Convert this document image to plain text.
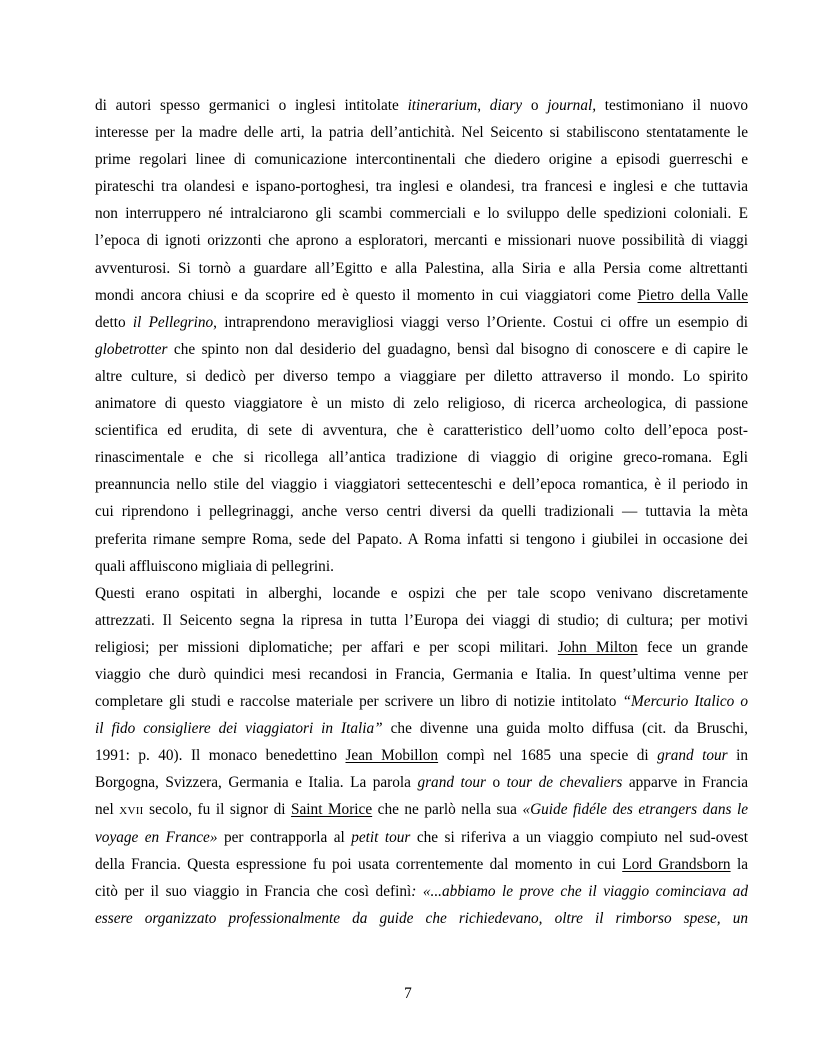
di autori spesso germanici o inglesi intitolate itinerarium, diary o journal, testimoniano il nuovo
interesse per la madre delle arti, la patria dell’antichità. Nel Seicento si stabiliscono stentatamente le
prime regolari linee di comunicazione intercontinentali che diedero origine a episodi guerreschi e
pirateschi tra olandesi e ispano-portoghesi, tra inglesi e olandesi, tra francesi e inglesi e che tuttavia
non interruppero né intralciarono gli scambi commerciali e lo sviluppo delle spedizioni coloniali. E
l’epoca di ignoti orizzonti che aprono a esploratori, mercanti e missionari nuove possibilità di viaggi
avventurosi. Si tornò a guardare all’Egitto e alla Palestina, alla Siria e alla Persia come altrettanti
mondi ancora chiusi e da scoprire ed è questo il momento in cui viaggiatori come Pietro della Valle
detto il Pellegrino, intraprendono meravigliosi viaggi verso l’Oriente. Costui ci offre un esempio di
globetrotter che spinto non dal desiderio del guadagno, bensì dal bisogno di conoscere e di capire le
altre culture, si dedicò per diverso tempo a viaggiare per diletto attraverso il mondo. Lo spirito
animatore di questo viaggiatore è un misto di zelo religioso, di ricerca archeologica, di passione
scientifica ed erudita, di sete di avventura, che è caratteristico dell’uomo colto dell’epoca post-
rinascimentale e che si ricollega all’antica tradizione di viaggio di origine greco-romana. Egli
preannuncia nello stile del viaggio i viaggiatori settecenteschi e dell’epoca romantica, è il periodo in
cui riprendono i pellegrinaggi, anche verso centri diversi da quelli tradizionali — tuttavia la mèta
preferita rimane sempre Roma, sede del Papato. A Roma infatti si tengono i giubilei in occasione dei
quali affluiscono migliaia di pellegrini.
Questi erano ospitati in alberghi, locande e ospizi che per tale scopo venivano discretamente
attrezzati. Il Seicento segna la ripresa in tutta l’Europa dei viaggi di studio; di cultura; per motivi
religiosi; per missioni diplomatiche; per affari e per scopi militari. John Milton fece un grande
viaggio che durò quindici mesi recandosi in Francia, Germania e Italia. In quest’ultima venne per
completare gli studi e raccolse materiale per scrivere un libro di notizie intitolato “Mercurio Italico o
il fido consigliere dei viaggiatori in Italia” che divenne una guida molto diffusa (cit. da Bruschi,
1991: p. 40). Il monaco benedettino Jean Mobillon compì nel 1685 una specie di grand tour in
Borgogna, Svizzera, Germania e Italia. La parola grand tour o tour de chevaliers apparve in Francia
nel XVII secolo, fu il signor di Saint Morice che ne parlò nella sua «Guide fidéle des etrangers dans le
voyage en France» per contrapporla al petit tour che si riferiva a un viaggio compiuto nel sud-ovest
della Francia. Questa espressione fu poi usata correntemente dal momento in cui Lord Grandsborn la
citò per il suo viaggio in Francia che così definì: «...abbiamo le prove che il viaggio cominciava ad
essere organizzato professionalmente da guide che richiedevano, oltre il rimborso spese, un
7
